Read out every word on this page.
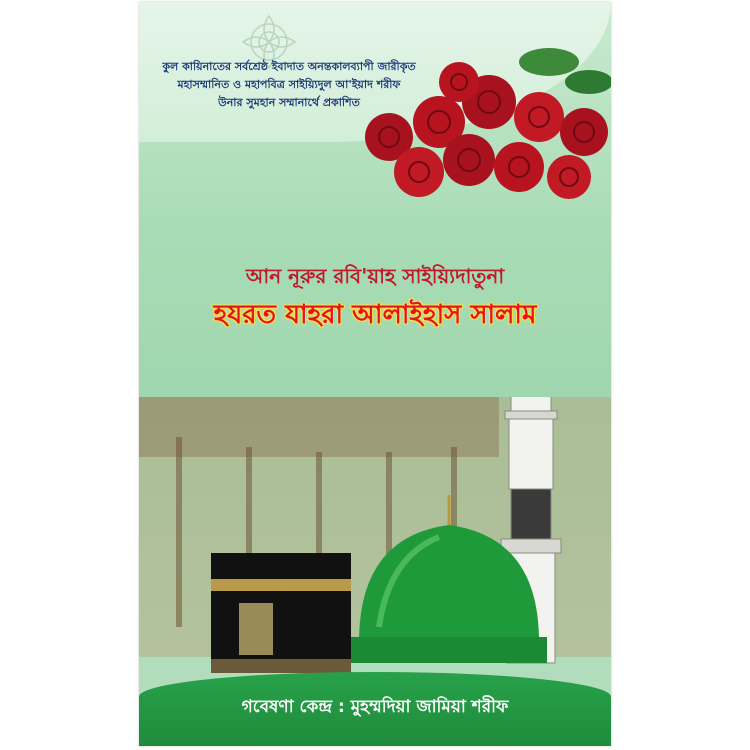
কুল কায়িনাতের সর্বশ্রেষ্ঠ ইবাদাত অনন্তকালব্যাপী জারীকৃত
মহাসম্মানিত ও মহাপবিত্র সাইয়্যিদুল আ'ইয়াদ শরীফ
উনার সুমহান সম্মানার্থে প্রকাশিত
আন নূরুর রবি'য়াহ সাইয়্যিদাতুনা
হযরত যাহরা আলাইহাস সালাম
গবেষণা কেন্দ্র : মুহম্মদিয়া জামিয়া শরীফ
